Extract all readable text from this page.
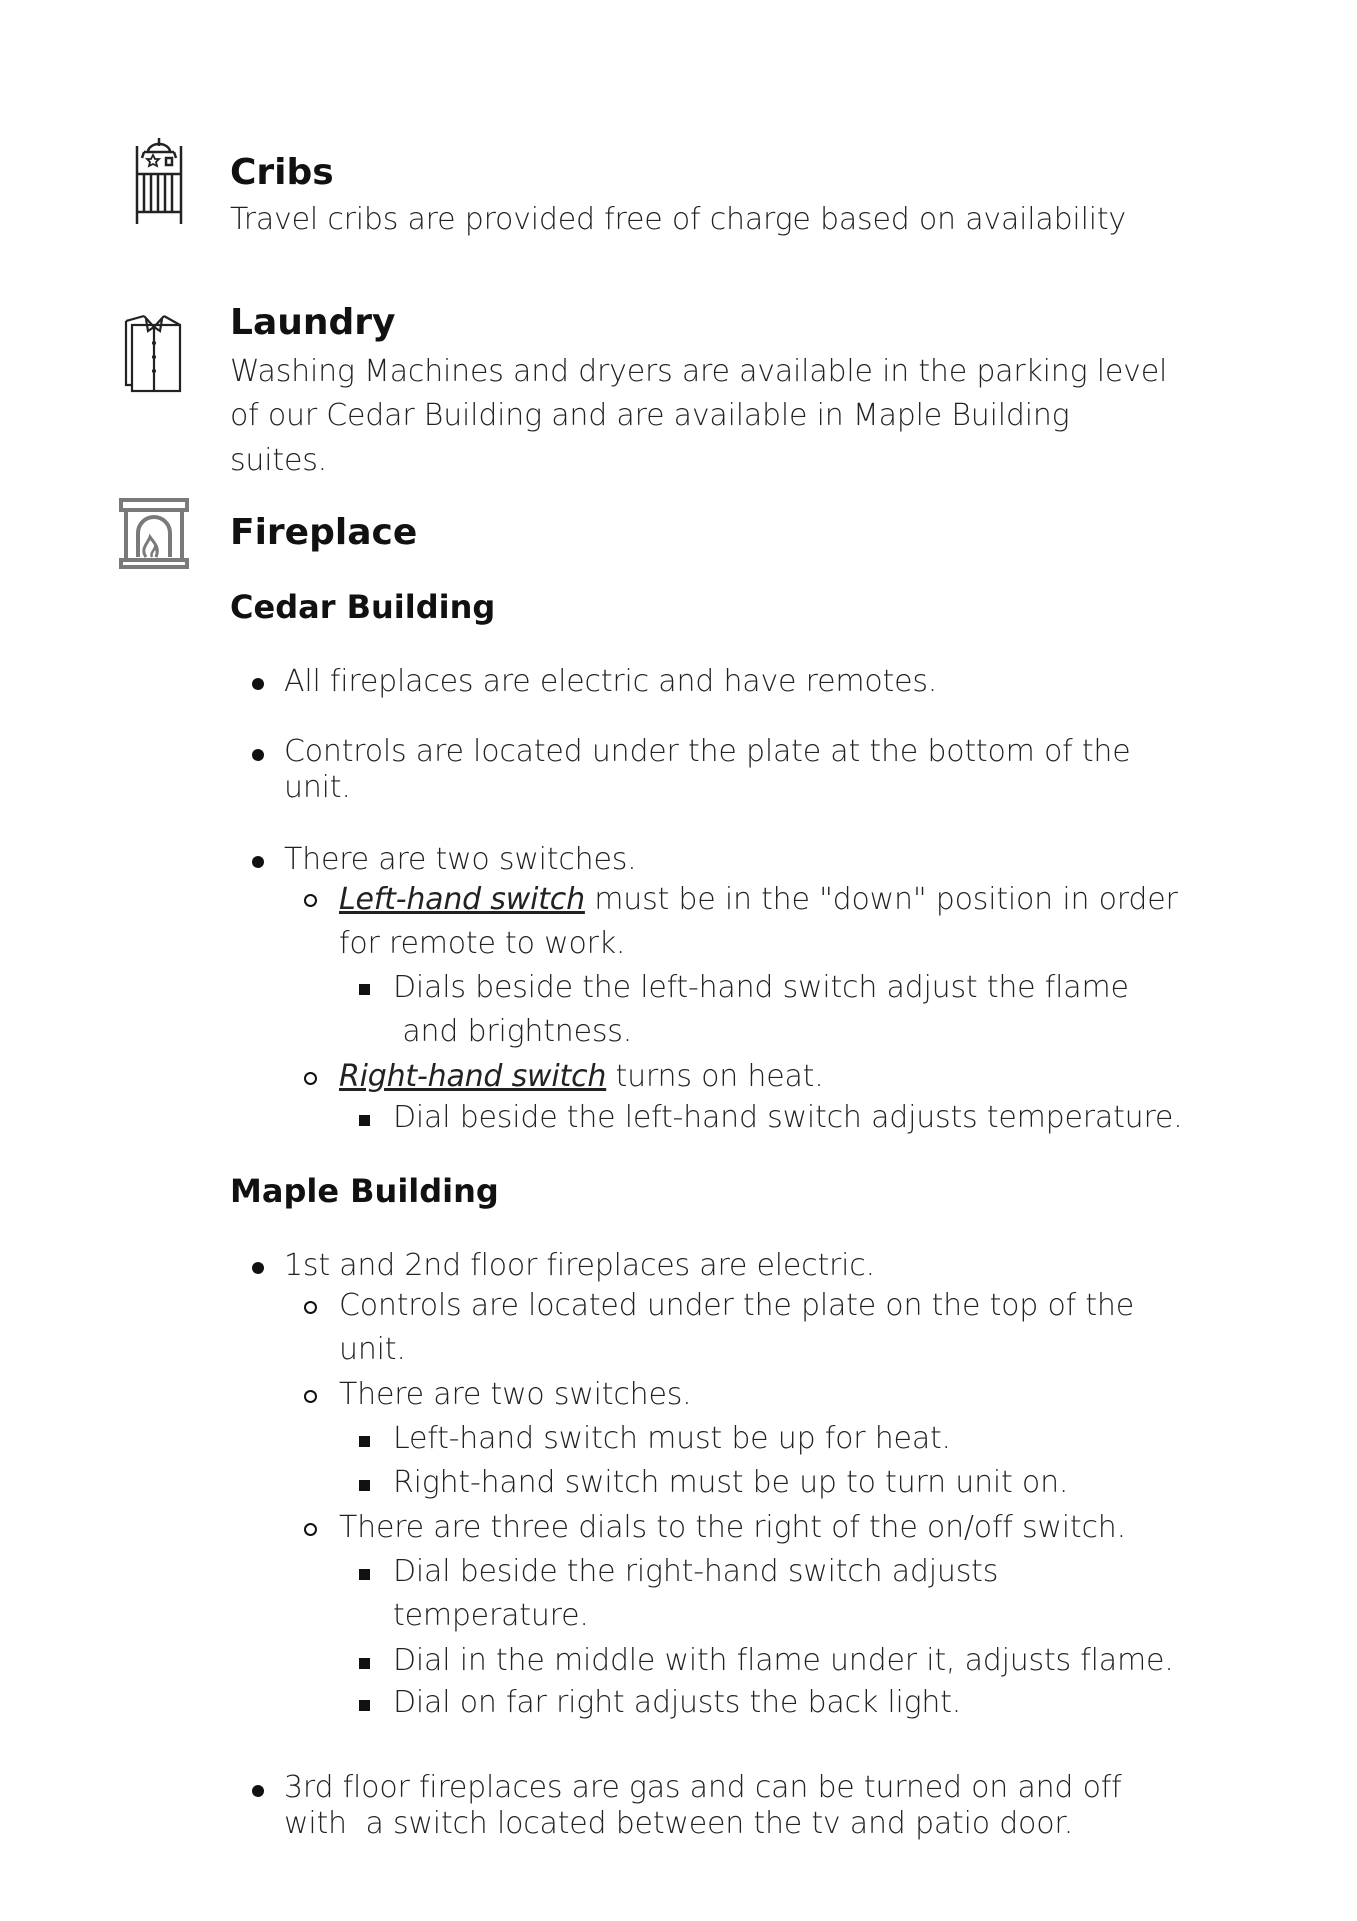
Cribs
Travel cribs are provided free of charge based on availability
Laundry
Washing Machines and dryers are available in the parking level
of our Cedar Building and are available in Maple Building
suites.
Fireplace
Cedar Building
All fireplaces are electric and have remotes.
Controls are located under the plate at the bottom of the
unit.
There are two switches.
Left-hand switch must be in the "down" position in order
for remote to work.
Dials beside the left-hand switch adjust the flame
and brightness.
Right-hand switch turns on heat.
Dial beside the left-hand switch adjusts temperature.
Maple Building
1st and 2nd floor fireplaces are electric.
Controls are located under the plate on the top of the
unit.
There are two switches.
Left-hand switch must be up for heat.
Right-hand switch must be up to turn unit on.
There are three dials to the right of the on/off switch.
Dial beside the right-hand switch adjusts
temperature.
Dial in the middle with flame under it, adjusts flame.
Dial on far right adjusts the back light.
3rd floor fireplaces are gas and can be turned on and off
with  a switch located between the tv and patio door.
